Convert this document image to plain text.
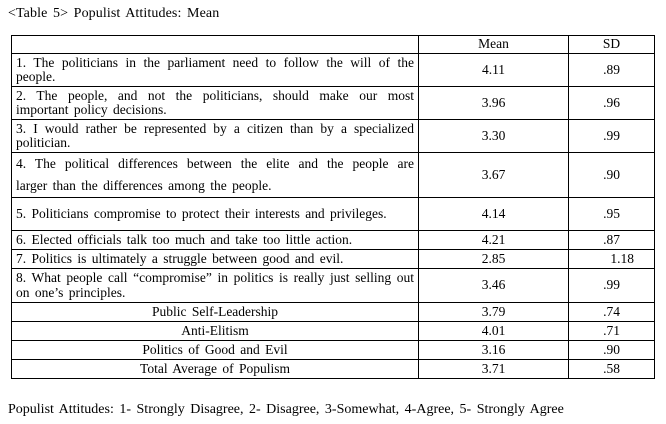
<Table 5> Populist Attitudes: Mean
	Mean	SD
1. The politicians in the parliament need to follow the will of the people.	4.11	.89
2. The people, and not the politicians, should make our most important policy decisions.	3.96	.96
3. I would rather be represented by a citizen than by a specialized politician.	3.30	.99
4. The political differences between the elite and the people are larger than the differences among the people.	3.67	.90
5. Politicians compromise to protect their interests and privileges.	4.14	.95
6. Elected officials talk too much and take too little action.	4.21	.87
7. Politics is ultimately a struggle between good and evil.	2.85	1.18
8. What people call “compromise” in politics is really just selling out on one’s principles.	3.46	.99
Public Self-Leadership	3.79	.74
Anti-Elitism	4.01	.71
Politics of Good and Evil	3.16	.90
Total Average of Populism	3.71	.58
Populist Attitudes: 1- Strongly Disagree, 2- Disagree, 3-Somewhat, 4-Agree, 5- Strongly Agree
